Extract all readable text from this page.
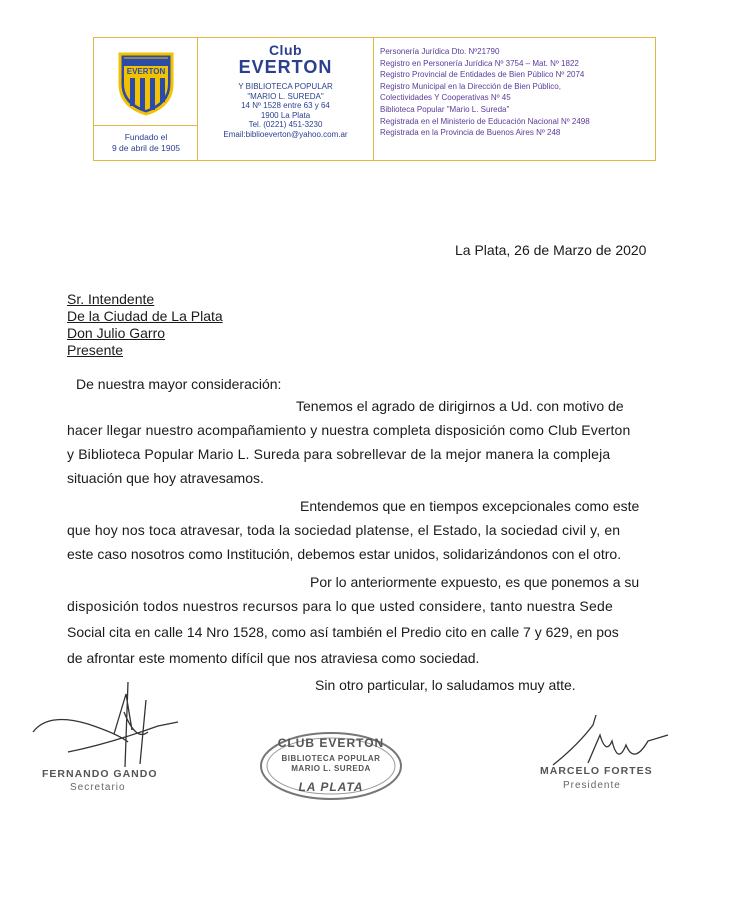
EVERTON
Fundado el
9 de abril de 1905
Club
EVERTON
Y BIBLIOTECA POPULAR
"MARIO L. SUREDA"
14 Nº 1528 entre 63 y 64
1900 La Plata
Tel. (0221) 451-3230
Email:biblioeverton@yahoo.com.ar
Personería Jurídica Dto. Nº21790
Registro en Personería Jurídica Nº 3754 – Mat. Nº 1822
Registro Provincial de Entidades de Bien Público Nº 2074
Registro Municipal en la Dirección de Bien Público,
Colectividades Y Cooperativas Nº 45
Biblioteca Popular "Mario L. Sureda"
Registrada en el Ministerio de Educación Nacional Nº 2498
Registrada en la Provincia de Buenos Aires Nº 248
La Plata, 26 de Marzo de 2020
Sr. Intendente
De la Ciudad de La Plata
Don Julio Garro
Presente
De nuestra mayor consideración:
Tenemos el agrado de dirigirnos a Ud. con motivo de
hacer llegar nuestro acompañamiento y nuestra completa disposición como Club Everton
y Biblioteca Popular Mario L. Sureda para sobrellevar de la mejor manera la compleja
situación que hoy atravesamos.
Entendemos que en tiempos excepcionales como este
que hoy nos toca atravesar, toda la sociedad platense, el Estado, la sociedad civil y, en
este caso nosotros como Institución, debemos estar unidos, solidarizándonos con el otro.
Por lo anteriormente expuesto, es que ponemos a su
disposición todos nuestros recursos para lo que usted considere, tanto nuestra Sede
Social cita en calle 14 Nro 1528, como así también el Predio cito en calle 7 y 629, en pos
de afrontar este momento difícil que nos atraviesa como sociedad.
Sin otro particular, lo saludamos muy atte.
FERNANDO GANDO
Secretario
CLUB EVERTON
BIBLIOTECA POPULAR
MARIO L. SUREDA
LA PLATA
MARCELO FORTES
Presidente
